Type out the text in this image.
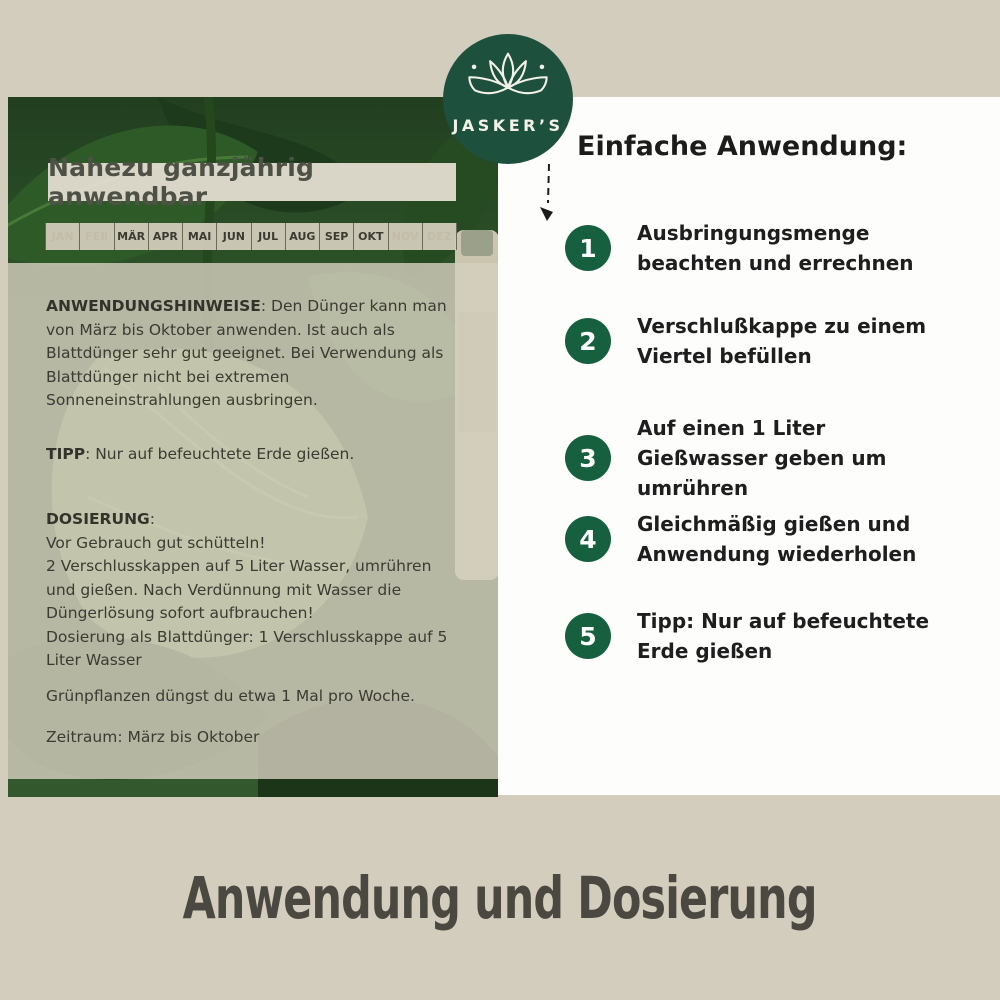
Nahezu ganzjährig anwendbar
JAN	FEB MÄR APR MAI	JUN	JUL	AUG SEP OKT NOV DEZ
ANWENDUNGSHINWEISE: Den Dünger kann man von März bis Oktober anwenden. Ist auch als Blattdünger sehr gut geeignet. Bei Verwendung als Blattdünger nicht bei extremen Sonneneinstrahlungen ausbringen.
TIPP: Nur auf befeuchtete Erde gießen.
DOSIERUNG:
Vor Gebrauch gut schütteln!
2 Verschlusskappen auf 5 Liter Wasser, umrühren und gießen. Nach Verdünnung mit Wasser die Düngerlösung sofort aufbrauchen!
Dosierung als Blattdünger: 1 Verschlusskappe auf 5 Liter Wasser
Grünpflanzen düngst du etwa 1 Mal pro Woche.
Zeitraum: März bis Oktober
Einfache Anwendung:
1
Ausbringungsmenge beachten und errechnen
2
Verschlußkappe zu einem Viertel befüllen
3
Auf einen 1 Liter Gießwasser geben um umrühren
4
Gleichmäßig gießen und Anwendung wiederholen
5
Tipp: Nur auf befeuchtete Erde gießen
JASKER’S
Anwendung und Dosierung
